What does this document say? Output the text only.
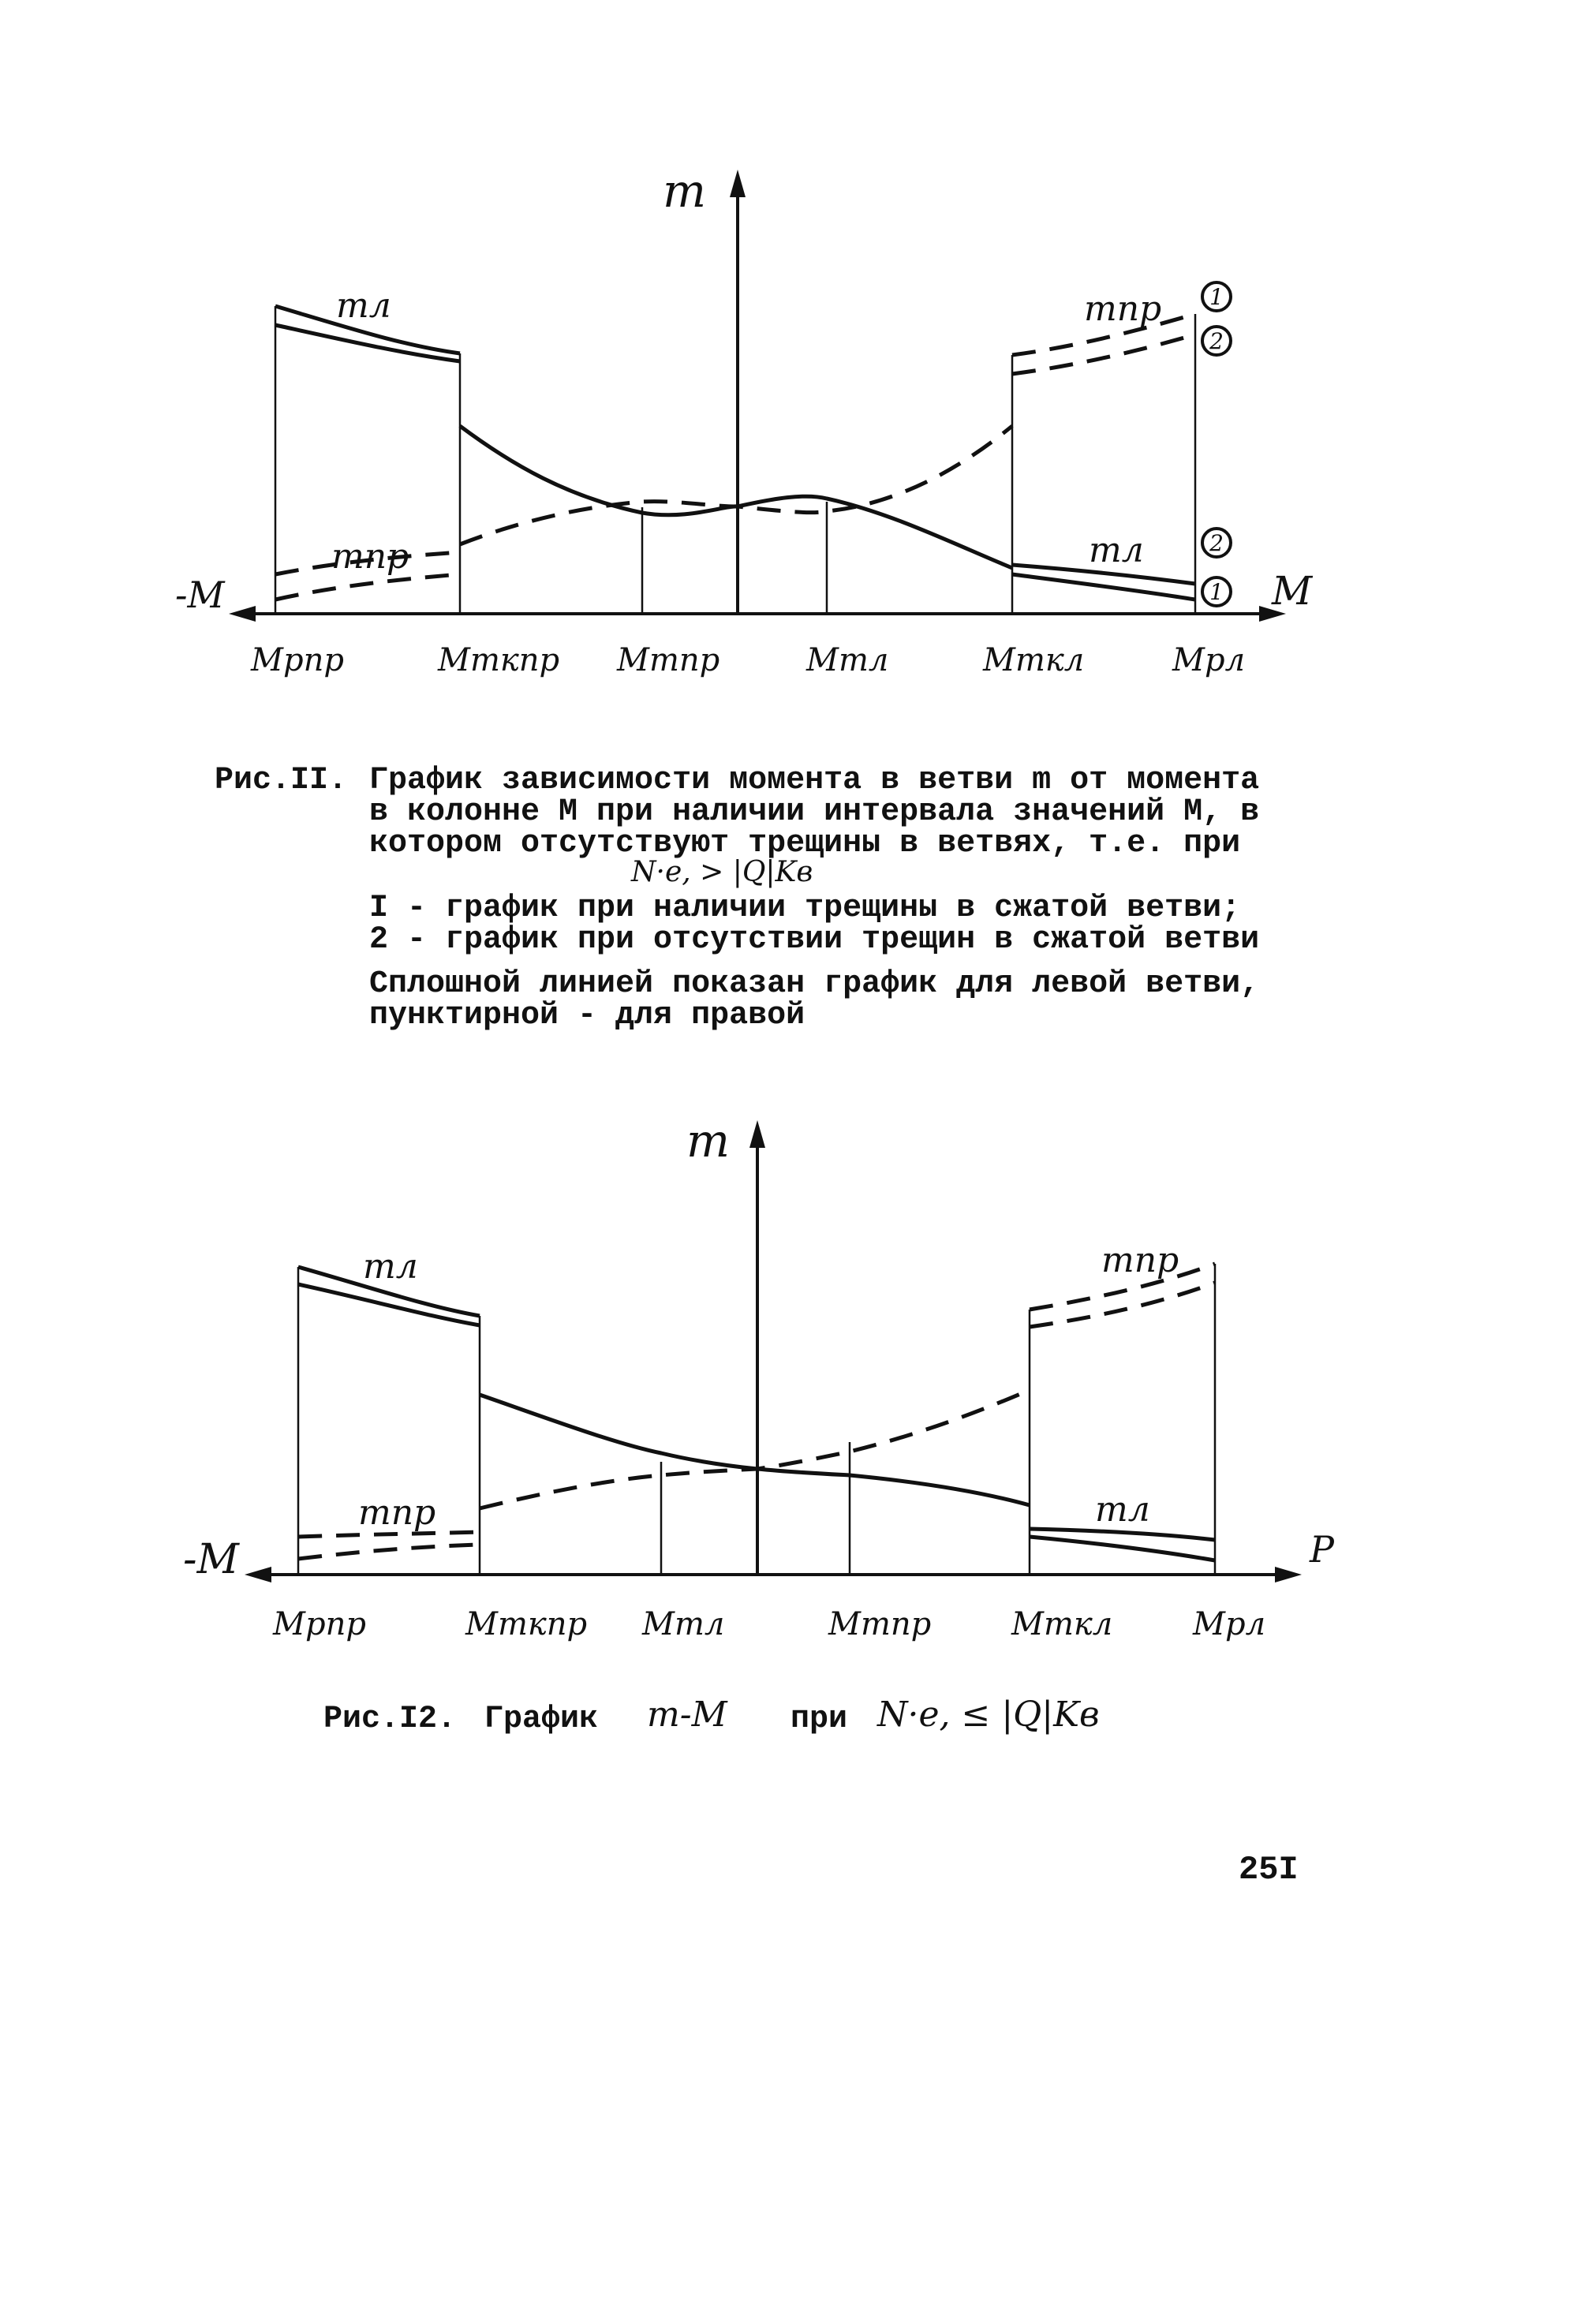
1
2
2
1
m
-M	M
mл	mпр
mпр	mл
Mрпр	Mткпр Mтпр	Mтл	Mткл	Mрл
m
-M	P
mл	mпр
mпр	mл
Mрпр	Mткпр Mтл	Mтпр	Mткл	Mрл
Рис.II. График зависимости момента в ветви m от момента
в колонне М при наличии интервала значений М, в
котором отсутствуют трещины в ветвях, т.е. при
N·e, > |Q|Kв
I - график при наличии трещины в сжатой ветви;
2 - график при отсутствии трещин в сжатой ветви
Сплошной линией показан график для левой ветви,
пунктирной - для правой
Рис.I2. График m-M при N·e, ≤ |Q|Kв
25I
